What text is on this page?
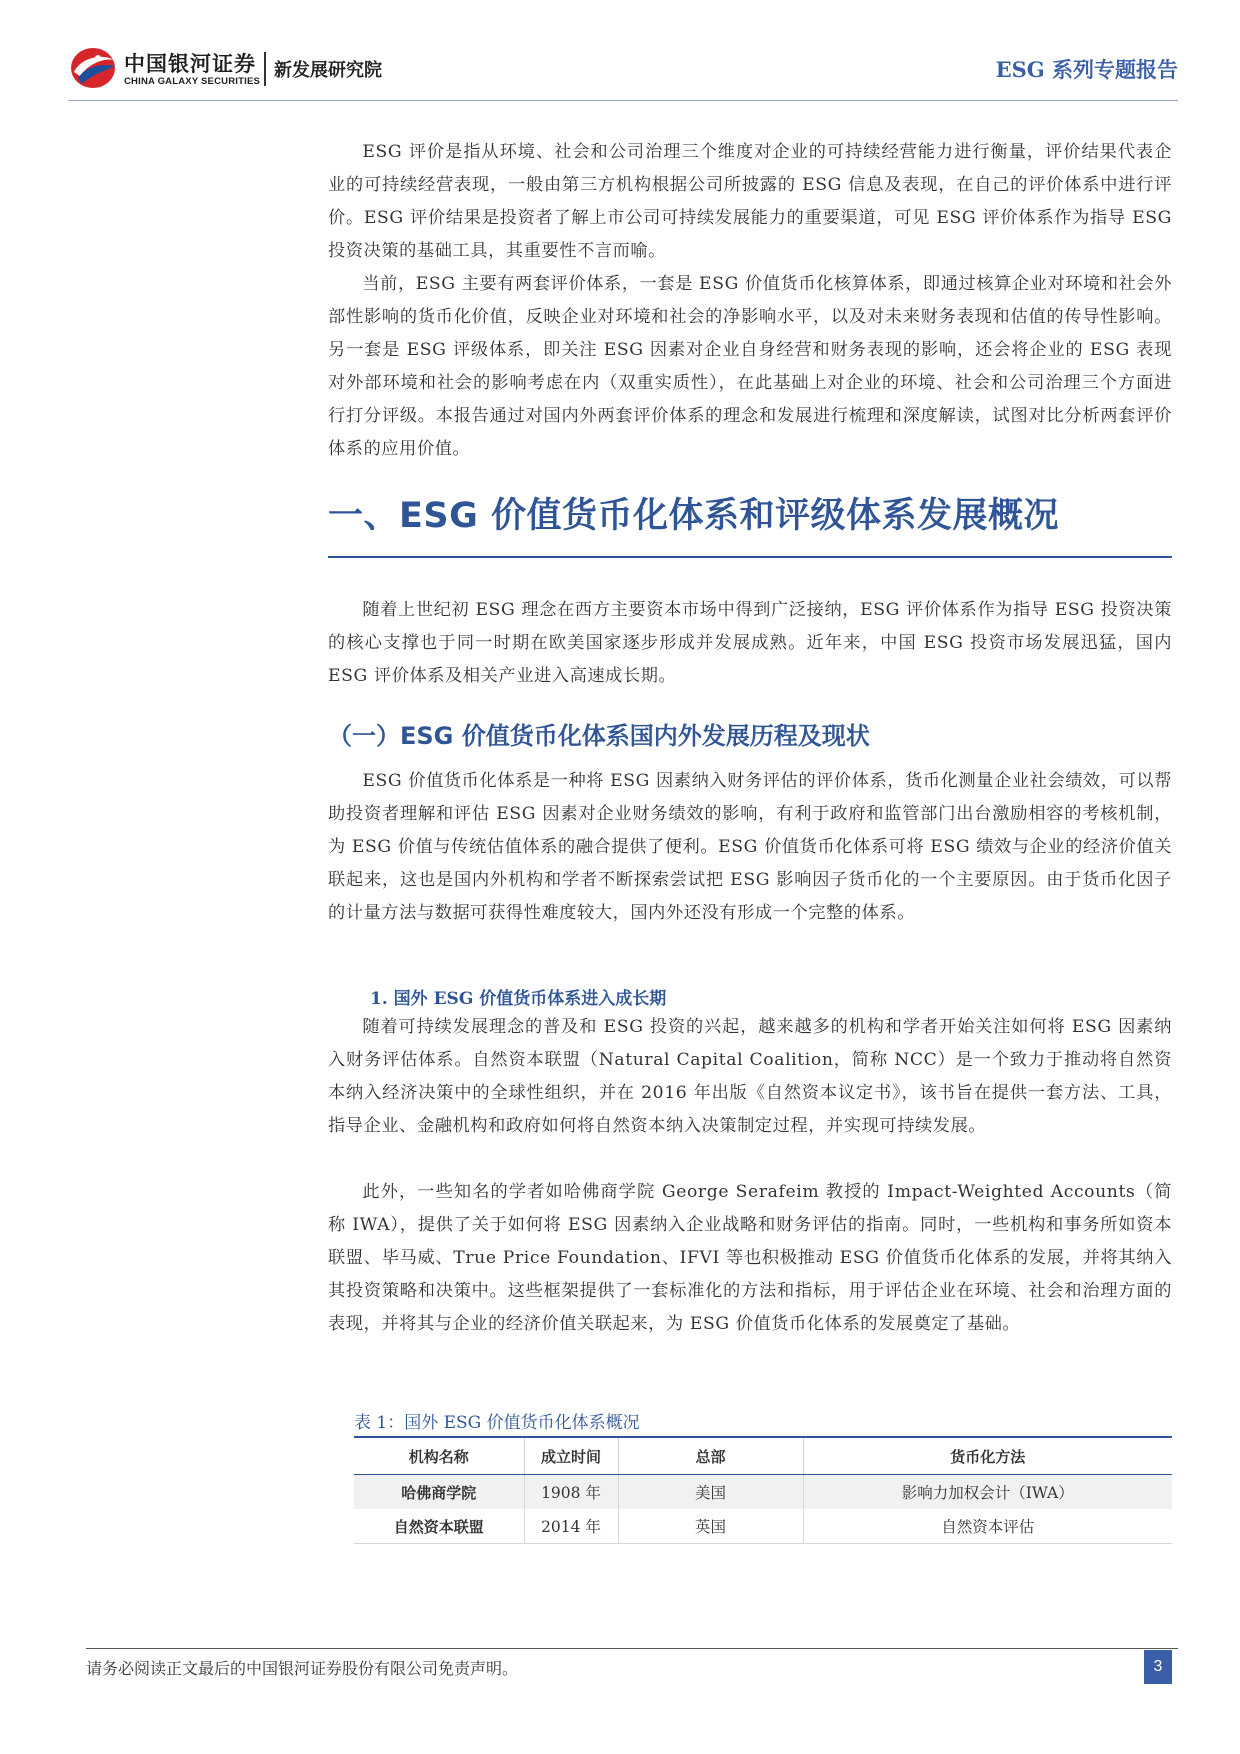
中国银河证券
CHINA GALAXY SECURITIES
新发展研究院	ESG 系列专题报告

ESG 评价是指从环境、社会和公司治理三个维度对企业的可持续经营能力进行衡量，评价结果代表企业的可持续经营表现，一般由第三方机构根据公司所披露的 ESG 信息及表现，在自己的评价体系中进行评价。ESG 评价结果是投资者了解上市公司可持续发展能力的重要渠道，可见 ESG 评价体系作为指导 ESG 投资决策的基础工具，其重要性不言而喻。

当前，ESG 主要有两套评价体系，一套是 ESG 价值货币化核算体系，即通过核算企业对环境和社会外部性影响的货币化价值，反映企业对环境和社会的净影响水平，以及对未来财务表现和估值的传导性影响。另一套是 ESG 评级体系，即关注 ESG 因素对企业自身经营和财务表现的影响，还会将企业的 ESG 表现对外部环境和社会的影响考虑在内（双重实质性），在此基础上对企业的环境、社会和公司治理三个方面进行打分评级。本报告通过对国内外两套评价体系的理念和发展进行梳理和深度解读，试图对比分析两套评价体系的应用价值。

一、ESG 价值货币化体系和评级体系发展概况

随着上世纪初 ESG 理念在西方主要资本市场中得到广泛接纳，ESG 评价体系作为指导 ESG 投资决策的核心支撑也于同一时期在欧美国家逐步形成并发展成熟。近年来，中国 ESG 投资市场发展迅猛，国内 ESG 评价体系及相关产业进入高速成长期。

（一）ESG 价值货币化体系国内外发展历程及现状

ESG 价值货币化体系是一种将 ESG 因素纳入财务评估的评价体系，货币化测量企业社会绩效，可以帮助投资者理解和评估 ESG 因素对企业财务绩效的影响，有利于政府和监管部门出台激励相容的考核机制，为 ESG 价值与传统估值体系的融合提供了便利。ESG 价值货币化体系可将 ESG 绩效与企业的经济价值关联起来，这也是国内外机构和学者不断探索尝试把 ESG 影响因子货币化的一个主要原因。由于货币化因子的计量方法与数据可获得性难度较大，国内外还没有形成一个完整的体系。

1. 国外 ESG 价值货币体系进入成长期

随着可持续发展理念的普及和 ESG 投资的兴起，越来越多的机构和学者开始关注如何将 ESG 因素纳入财务评估体系。自然资本联盟（Natural Capital Coalition，简称 NCC）是一个致力于推动将自然资本纳入经济决策中的全球性组织，并在 2016 年出版《自然资本议定书》，该书旨在提供一套方法、工具，指导企业、金融机构和政府如何将自然资本纳入决策制定过程，并实现可持续发展。

此外，一些知名的学者如哈佛商学院 George Serafeim 教授的 Impact-Weighted Accounts（简称 IWA），提供了关于如何将 ESG 因素纳入企业战略和财务评估的指南。同时，一些机构和事务所如资本联盟、毕马威、True Price Foundation、IFVI 等也积极推动 ESG 价值货币化体系的发展，并将其纳入其投资策略和决策中。这些框架提供了一套标准化的方法和指标，用于评估企业在环境、社会和治理方面的表现，并将其与企业的经济价值关联起来，为 ESG 价值货币化体系的发展奠定了基础。

表 1：国外 ESG 价值货币化体系概况
机构名称	成立时间	总部	货币化方法
哈佛商学院	1908 年	美国	影响力加权会计（IWA）
自然资本联盟	2014 年	英国	自然资本评估
请务必阅读正文最后的中国银河证券股份有限公司免责声明。	3
